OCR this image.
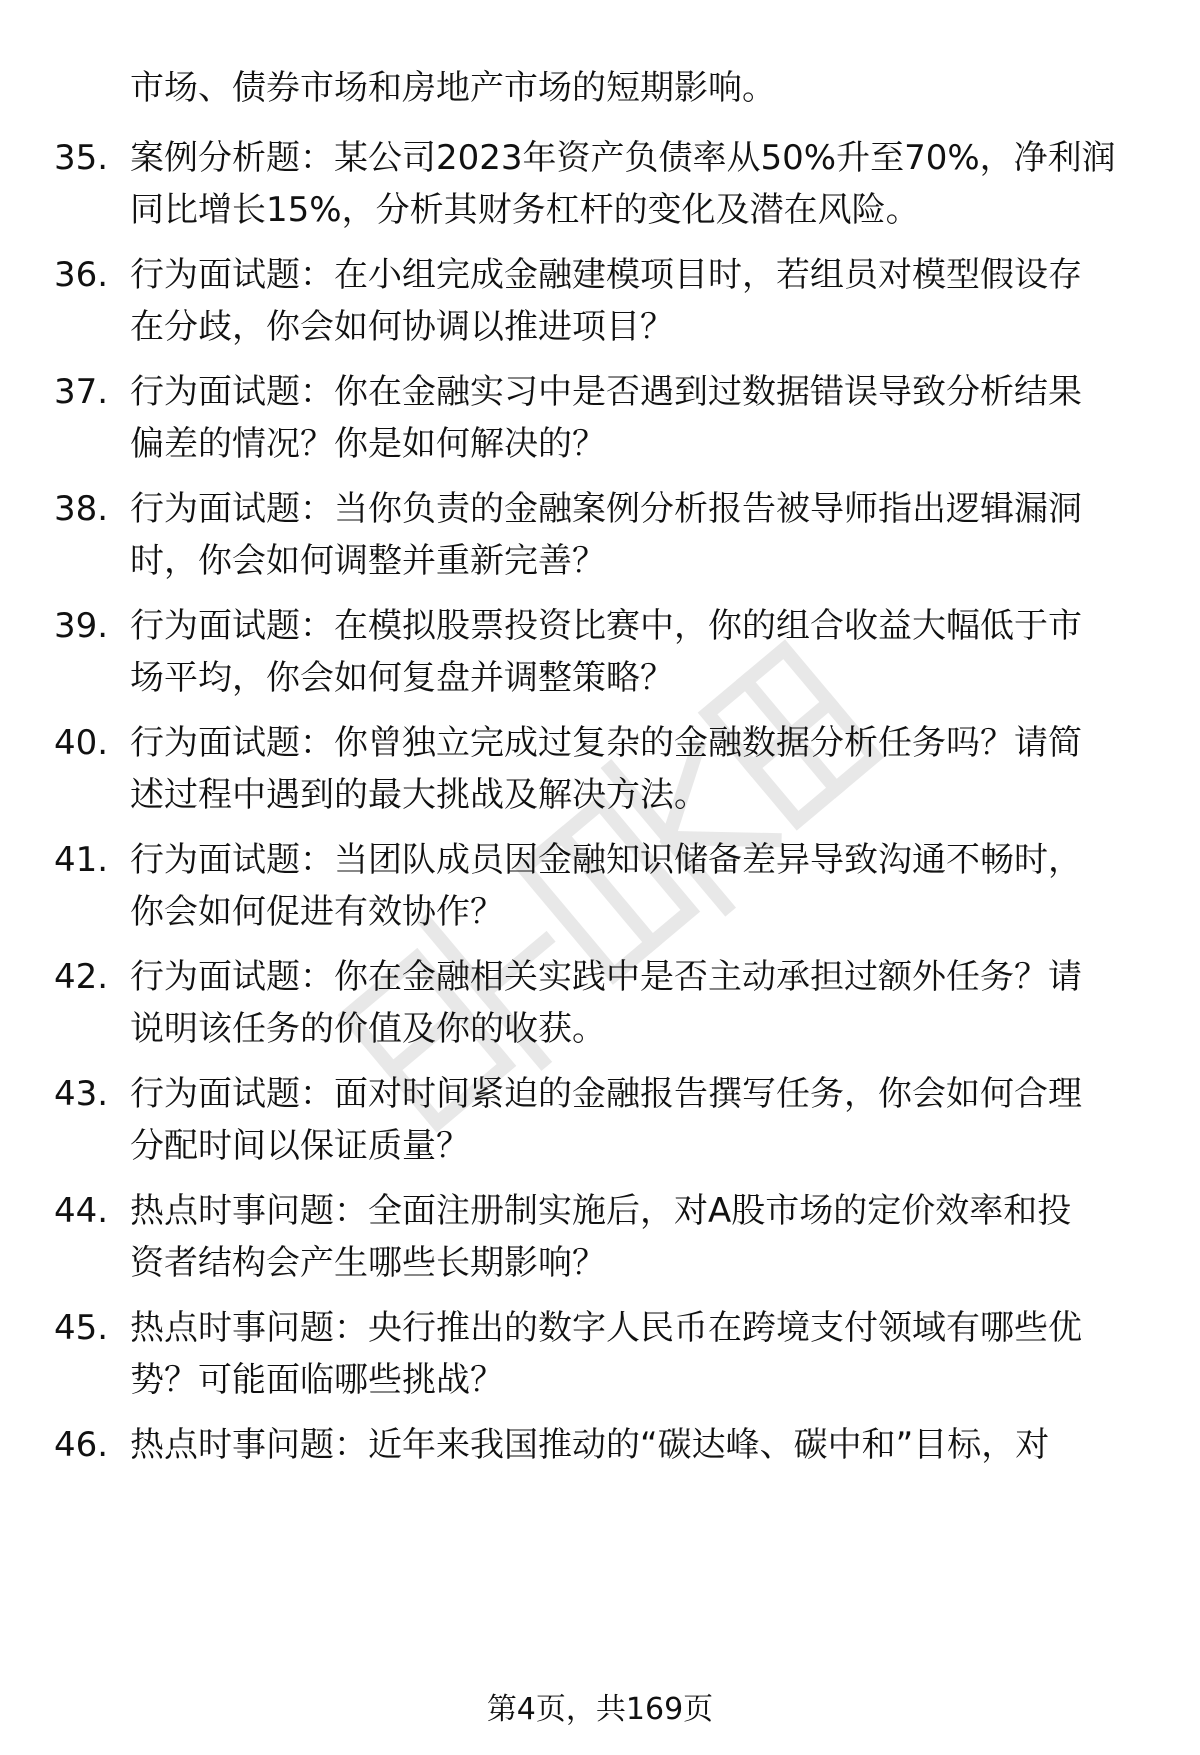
市场、债券市场和房地产市场的短期影响。
35. 案例分析题：某公司2023年资产负债率从50%升至70%，净利润
同比增长15%，分析其财务杠杆的变化及潜在风险。
36. 行为面试题：在小组完成金融建模项目时，若组员对模型假设存
在分歧，你会如何协调以推进项目？
37. 行为面试题：你在金融实习中是否遇到过数据错误导致分析结果
偏差的情况？你是如何解决的？
38. 行为面试题：当你负责的金融案例分析报告被导师指出逻辑漏洞
时，你会如何调整并重新完善？
39. 行为面试题：在模拟股票投资比赛中，你的组合收益大幅低于市
场平均，你会如何复盘并调整策略？
40. 行为面试题：你曾独立完成过复杂的金融数据分析任务吗？请简
述过程中遇到的最大挑战及解决方法。
41. 行为面试题：当团队成员因金融知识储备差异导致沟通不畅时，
你会如何促进有效协作？
42. 行为面试题：你在金融相关实践中是否主动承担过额外任务？请
说明该任务的价值及你的收获。
43. 行为面试题：面对时间紧迫的金融报告撰写任务，你会如何合理
分配时间以保证质量？
44. 热点时事问题：全面注册制实施后，对A股市场的定价效率和投
资者结构会产生哪些长期影响？
45. 热点时事问题：央行推出的数字人民币在跨境支付领域有哪些优
势？可能面临哪些挑战？
46. 热点时事问题：近年来我国推动的“碳达峰、碳中和”目标，对
第4页，共169页
